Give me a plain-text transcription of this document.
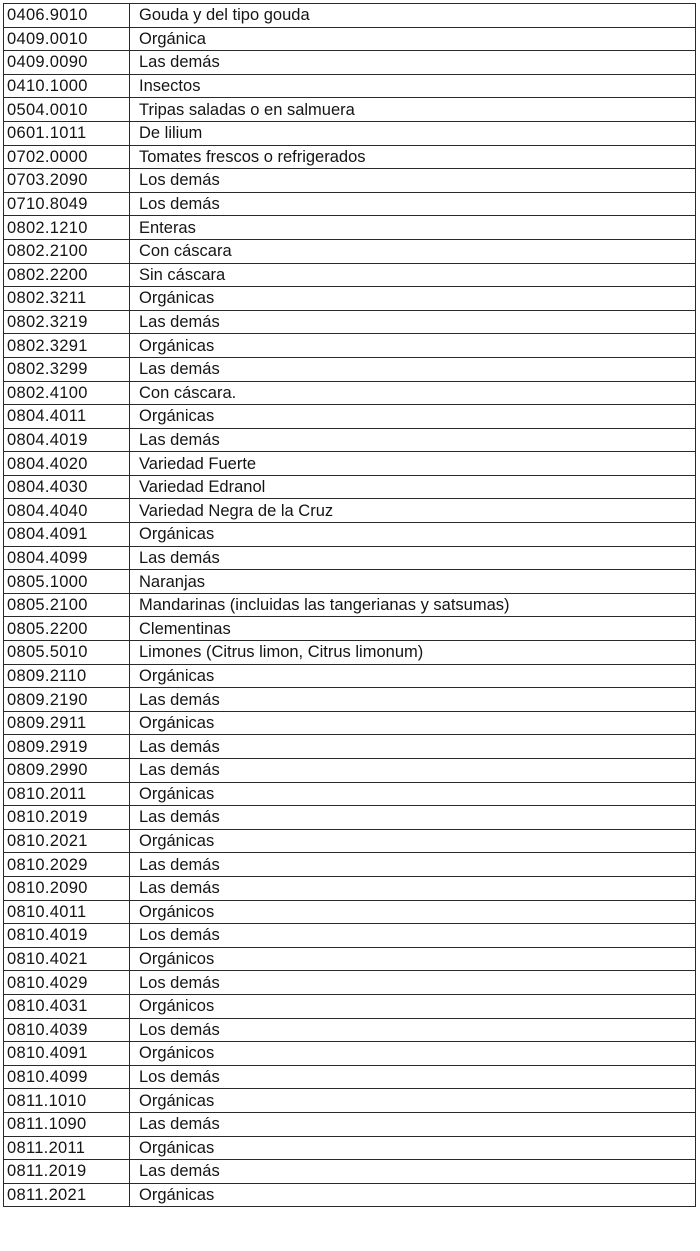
0406.9010	Gouda y del tipo gouda
0409.0010	Orgánica
0409.0090	Las demás
0410.1000	Insectos
0504.0010	Tripas saladas o en salmuera
0601.1011	De lilium
0702.0000	Tomates frescos o refrigerados
0703.2090	Los demás
0710.8049	Los demás
0802.1210	Enteras
0802.2100	Con cáscara
0802.2200	Sin cáscara
0802.3211	Orgánicas
0802.3219	Las demás
0802.3291	Orgánicas
0802.3299	Las demás
0802.4100	Con cáscara.
0804.4011	Orgánicas
0804.4019	Las demás
0804.4020	Variedad Fuerte
0804.4030	Variedad Edranol
0804.4040	Variedad Negra de la Cruz
0804.4091	Orgánicas
0804.4099	Las demás
0805.1000	Naranjas
0805.2100	Mandarinas (incluidas las tangerianas y satsumas)
0805.2200	Clementinas
0805.5010	Limones (Citrus limon, Citrus limonum)
0809.2110	Orgánicas
0809.2190	Las demás
0809.2911	Orgánicas
0809.2919	Las demás
0809.2990	Las demás
0810.2011	Orgánicas
0810.2019	Las demás
0810.2021	Orgánicas
0810.2029	Las demás
0810.2090	Las demás
0810.4011	Orgánicos
0810.4019	Los demás
0810.4021	Orgánicos
0810.4029	Los demás
0810.4031	Orgánicos
0810.4039	Los demás
0810.4091	Orgánicos
0810.4099	Los demás
0811.1010	Orgánicas
0811.1090	Las demás
0811.2011	Orgánicas
0811.2019	Las demás
0811.2021	Orgánicas
